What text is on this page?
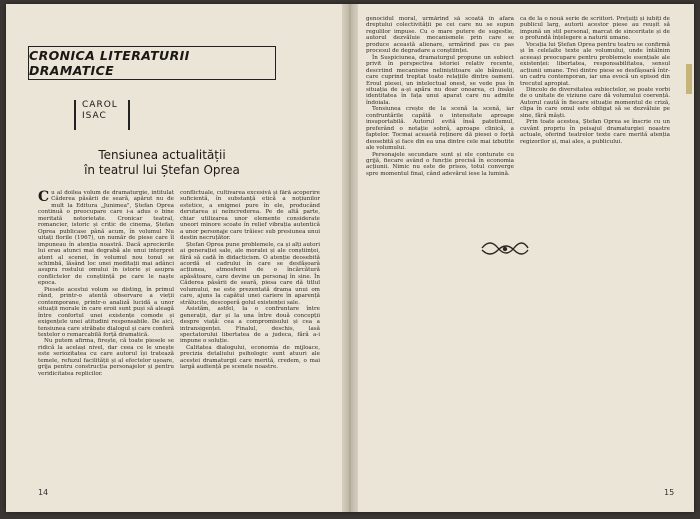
CRONICA LITERATURII DRAMATICE
CAROL
ISAC
Tensiunea actualității
în teatrul lui Ștefan Oprea

Cu al doilea volum de dramaturgie, intitulat Căderea păsării de seară, apărut nu de mult la Editura „Junimea", Ștefan Oprea continuă o preocupare care i-a adus o bine meritată notorietate. Cronicar teatral, romancier, istoric și critic de cinema, Ștefan Oprea publicase până acum, în volumul Nu uitați florile (1967), un număr de piese care îl impuneau în atenția noastră. Dacă aprecierile lui erau atunci mai degrabă ale unui interpret atent al scenei, în volumul nou tonul se schimbă, lăsând loc unei meditații mai adânci asupra rostului omului în istorie și asupra conflictelor de conștiință pe care le naște epoca.

Piesele acestui volum se disting, în primul rând, printr-o atentă observare a vieții contemporane, printr-o analiză lucidă a unor situații morale în care eroii sunt puși să aleagă între confortul unei existențe comode și exigențele unei atitudini responsabile. De aici, tensiunea care străbate dialogul și care conferă textelor o remarcabilă forță dramatică.

Nu putem afirma, firește, că toate piesele se ridică la același nivel, dar ceea ce le unește este seriozitatea cu care autorul își tratează temele, refuzul facilității și al efectelor ușoare, grija pentru construcția personajelor și pentru veridicitatea replicilor.

conflictuale, cultivarea excesivă și fără acoperire suficientă, în substanță etică a noțiunilor estetice, a enigmei pure în ele, producând derutarea și neîncrederea. Pe de altă parte, chiar utilizarea unor elemente considerate uneori minore scoate în relief vibrația autentică a unor personaje care trăiesc sub presiunea unui destin necruțător.

Ștefan Oprea pune problemele, ca și alți autori ai generației sale, ale moralei și ale conștiinței, fără să cadă în didacticism. O atenție deosebită acordă el cadrului în care se desfășoară acțiunea, atmosferei de o încărcătură apăsătoare, care devine un personaj în sine. În Căderea păsării de seară, piesa care dă titlul volumului, ne este prezentată drama unui om care, ajuns la capătul unei cariere în aparență strălucite, descoperă golul existenței sale.

Asistăm, astfel, la o confruntare între generații, dar și la una între două concepții despre viață: cea a compromisului și cea a intransigenței. Finalul, deschis, lasă spectatorului libertatea de a judeca, fără a-i impune o soluție.

Calitatea dialogului, economia de mijloace, precizia detaliului psihologic sunt atuuri ale acestei dramaturgii care merită, credem, o mai largă audiență pe scenele noastre.

14

genocidul moral, urmărind să scoată în afara dreptului colectivității pe cei care nu se supun regulilor impuse. Cu o mare putere de sugestie, autorul dezvăluie mecanismele prin care se produce această alienare, urmărind pas cu pas procesul de degradare a conștiinței.

În Suspiciunea, dramaturgul propune un subiect privit în perspectiva istoriei relativ recente, descriind mecanisme neliniștitoare ale bănuielii, care cuprind treptat toate relațiile dintre oameni. Eroul piesei, un intelectual onest, se vede pus în situația de a-și apăra nu doar onoarea, ci însăși identitatea în fața unui aparat care nu admite îndoiala.

Tensiunea crește de la scenă la scenă, iar confruntările capătă o intensitate aproape insuportabilă. Autorul evită însă patetismul, preferând o notație sobră, aproape clinică, a faptelor. Tocmai această reținere dă piesei o forță deosebită și face din ea una dintre cele mai izbutite ale volumului.

Personajele secundare sunt și ele conturate cu grijă, fiecare având o funcție precisă în economia acțiunii. Nimic nu este de prisos, totul converge spre momentul final, când adevărul iese la lumină.

ca de la o nouă serie de scriitori. Prețuiți și iubiți de publicul larg, autorii acestor piese au reușit să impună un stil personal, marcat de sinceritate și de o profundă înțelegere a naturii umane.

Vocația lui Ștefan Oprea pentru teatru se confirmă și în celelalte texte ale volumului, unde întâlnim aceeași preocupare pentru problemele esențiale ale existenței: libertatea, responsabilitatea, sensul acțiunii umane. Trei dintre piese se desfășoară într-un cadru contemporan, iar una evocă un episod din trecutul apropiat.

Dincolo de diversitatea subiectelor, se poate vorbi de o unitate de viziune care dă volumului coerență. Autorul caută în fiecare situație momentul de criză, clipa în care omul este obligat să se dezvăluie pe sine, fără măști.

Prin toate acestea, Ștefan Oprea se înscrie cu un cuvânt propriu în peisajul dramaturgiei noastre actuale, oferind teatrelor texte care merită atenția regizorilor și, mai ales, a publicului.

15
